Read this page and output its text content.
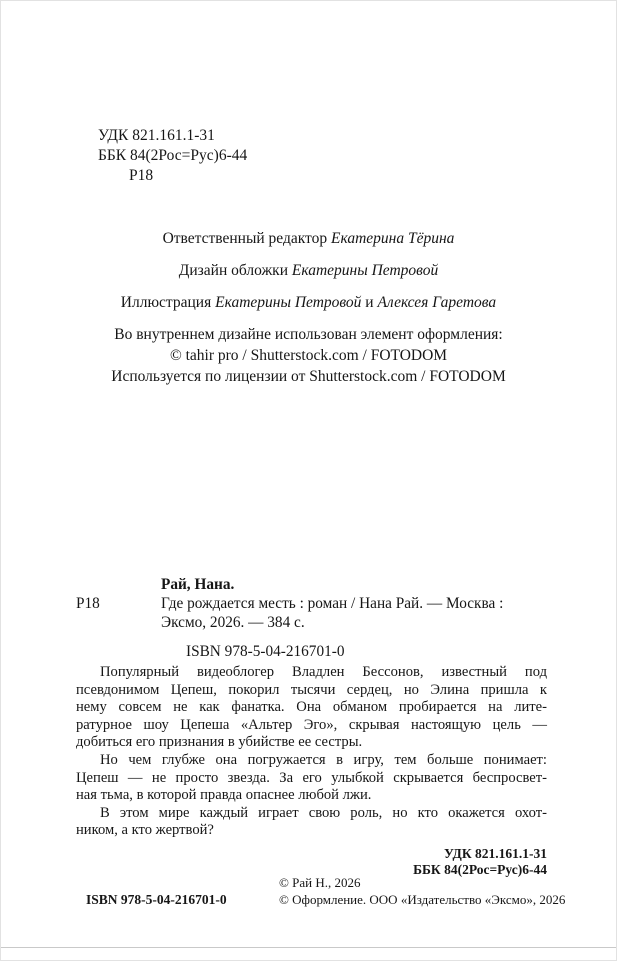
УДК 821.161.1-31
ББК 84(2Рос=Рус)6-44
Р18
Ответственный редактор Екатерина Тёрина
Дизайн обложки Екатерины Петровой
Иллюстрация Екатерины Петровой и Алексея Гаретова
Во внутреннем дизайне использован элемент оформления:
© tahir pro / Shutterstock.com / FOTODOM
Используется по лицензии от Shutterstock.com / FOTODOM
Рай, Нана.
Р18	Где рождается месть : роман / Нана Рай. — Москва :
Эксмо, 2026. — 384 с.
ISBN 978-5-04-216701-0
Популярный видеоблогер Владлен Бессонов, известный под
псевдонимом Цепеш, покорил тысячи сердец, но Элина пришла к
нему совсем не как фанатка. Она обманом пробирается на лите-
ратурное шоу Цепеша «Альтер Эго», скрывая настоящую цель —
добиться его признания в убийстве ее сестры.
Но чем глубже она погружается в игру, тем больше понимает:
Цепеш — не просто звезда. За его улыбкой скрывается беспросвет-
ная тьма, в которой правда опаснее любой лжи.
В этом мире каждый играет свою роль, но кто окажется охот-
ником, а кто жертвой?
УДК 821.161.1-31
ББК 84(2Рос=Рус)6-44
© Рай Н., 2026
ISBN 978-5-04-216701-0	© Оформление. ООО «Издательство «Эксмо», 2026
